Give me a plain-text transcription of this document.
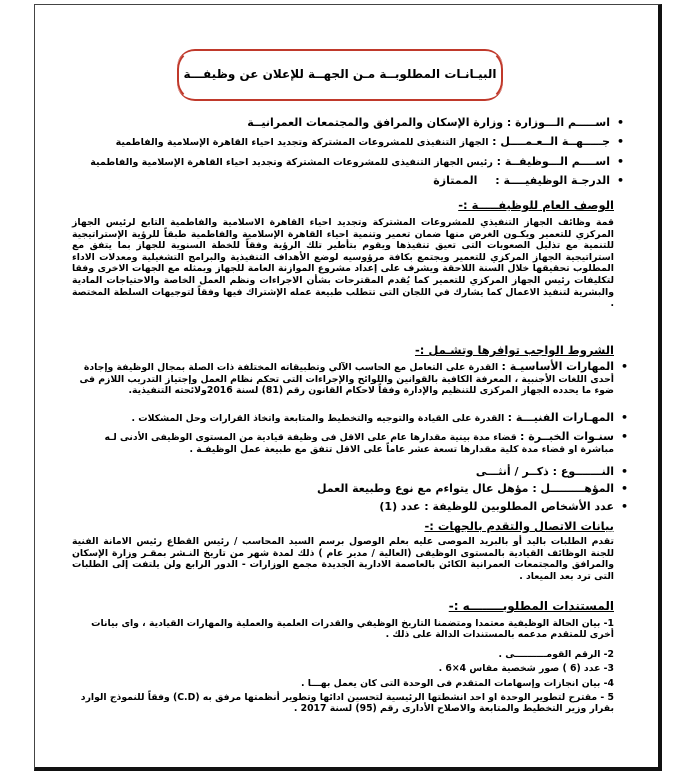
البيـانـات المطلوبــة مـن الجهــة للإعلان عن وظيفـــة
• اســـــم الـــوزارة : وزارة الإسكان والمرافق والمجتمعات العمرانيــة
• جـــــهــة الــعـمــــل : الجهاز التنفيذى للمشروعات المشتركة وتجديد احياء القاهرة الإسلامية والفاطمية
• اســــم الـــوظيفــة : رئيس الجهاز التنفيذى للمشروعات المشتركة وتجديد احياء القاهرة الإسلامية والفاطمية
• الدرجـة الوظيفيــــة : الممتازة
الوصف العام للوظيفـــــة :-
قمة وظائف الجهاز التنفيذي للمشروعات المشتركة وتجديد احياء القاهرة الاسلامية والفاطمية التابع لرئيس الجهاز المركزي للتعمير ويكـون الغرض منها ضمان تعمير وتنمية احياء القاهرة الإسلامية والفاطمية طبقاً للرؤية الإستراتيجية للتنمية مع تذليل الصعوبات التى تعيق تنفيذها ويقوم بتأطير تلك الرؤية وفقاً للخطة السنوية للجهاز بما يتفق مع استراتيجية الجهاز المركزي للتعمير ويجتمع بكافة مرؤوسيه لوضع الأهداف التنفيذية والبرامج التشغيلية ومعدلات الاداء المطلوب تحقيقها خلال السنة اللاحقة ويشرف على إعداد مشروع الموازنة العامة للجهاز ويمثله مع الجهات الاخرى وفقا لتكليفات رئيس الجهاز المركزي للتعمير كما يُقدم المقترحات بشأن الاجراءات ونظم العمل الخاصة والاحتياجات المادية والبشرية لتنفيذ الاعمال كما يشارك في اللجان التى تتطلب طبيعة عمله الإشتراك فيها وفقاً لتوجيهات السلطة المختصة .
الشروط الواجب توافرها وتشـمل :-
• المهارات الأساسيـة : القدرة على التعامل مع الحاسب الآلي وتطبيقاته المختلفة ذات الصلة بمجال الوظيفة وإجادة أحدى اللغات الأجنبية ، المعرفة الكافية بالقوانين واللوائح والإجراءات التى تحكم نظام العمل وإجتياز التدريب اللازم فى ضوء ما يحدده الجهاز المركزى للتنظيم والإدارة وفقاً لاحكام القانون رقم (81) لسنة 2016ولائحته التنفيذية.
• المهـارات الفنيـــة : القدرة على القيادة والتوجيه والتخطيط والمتابعة واتخاذ القرارات وحل المشكلات .
• سنـوات الخبــرة : قضاء مدة بينية مقدارها عام على الاقل فى وظيفة قيادية من المستوى الوظيفى الأدنى لـه مباشرة او قضاء مدة كلية مقدارها تسعة عشر عاماً على الاقل تتفق مع طبيعة عمل الوظيفـة .
• النـــــــوع : ذكــر / أنثـــى
• المؤهـــــــــل : مؤهل عال يتواءم مع نوع وطبيعة العمل
• عدد الأشخاص المطلوبين للوظيفة : عدد (1)
بيانات الاتصال والتقدم بالجهات :-
تقدم الطلبات باليد أو بالبريد الموصى عليه بعلم الوصول برسم السيد المحاسب / رئيس القطاع رئيس الامانة الفنية للجنة الوظائف القيادية بالمستوى الوظيفى (العالية / مدير عام ) ذلك لمدة شهر من تاريخ النـشر بمقـر وزارة الإسكان والمرافق والمجتمعات العمرانية الكائن بالعاصمة الادارية الجديدة مجمع الوزارات - الدور الرابع ولن يلتفت إلى الطلبات التى ترد بعد الميعاد .
المستندات المطلوبــــــــه :-
1- بيان الحالة الوظيفية معتمدا ومتضمنا التاريخ الوظيفي والقدرات العلمية والعملية والمهارات القيادية ، واى بيانات أخرى للمتقدم مدعمه بالمستندات الدالة على ذلك .
2- الرقم القومــــــــــى .
3- عدد (6 ) صور شخصية مقاس 4×6 .
4- بيان انجازات وإسهامات المتقدم فى الوحدة التى كان يعمل بهـــا .
5 - مقترح لتطوير الوحدة او احد انشطتها الرئيسية لتحسين ادائها وتطوير أنظمتها مرفق به (C.D) وفقاً للنموذج الوارد بقرار وزير التخطيط والمتابعة والاصلاح الأدارى رقم (95) لسنة 2017 .
